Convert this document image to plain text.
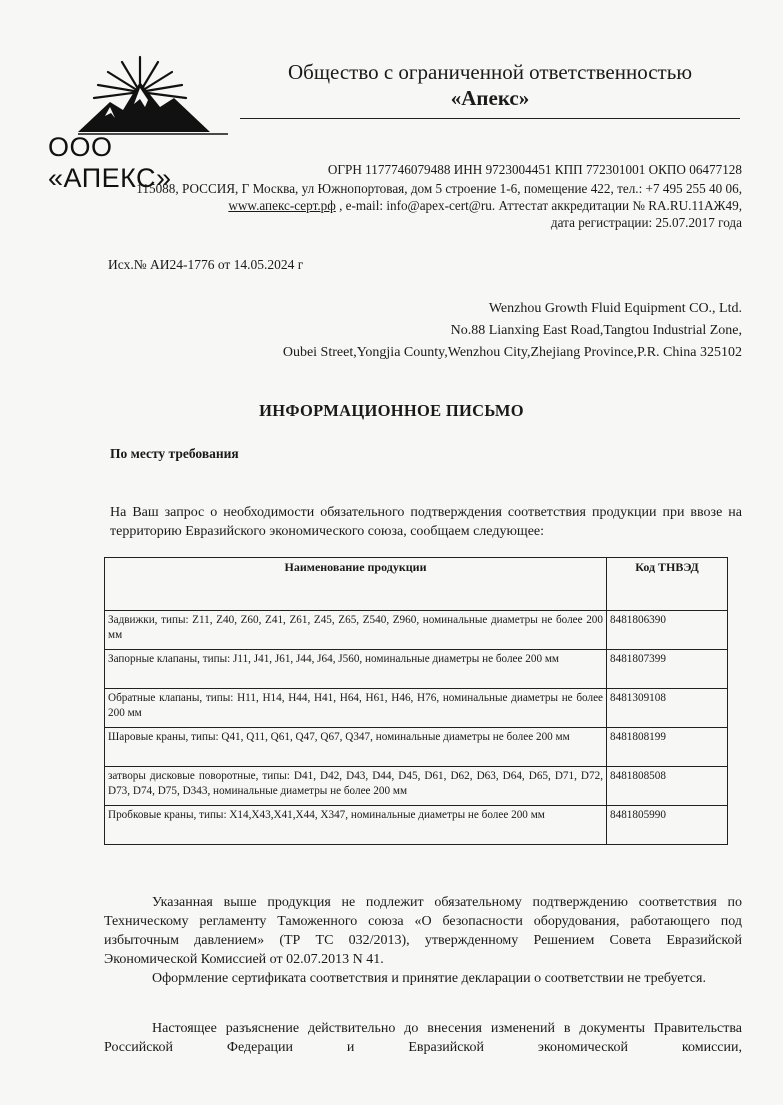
ООО «АПЕКС»
Общество с ограниченной ответственностью
«Апекс»
ОГРН 1177746079488 ИНН 9723004451 КПП 772301001 ОКПО 06477128
115088, РОССИЯ, Г Москва, ул Южнопортовая, дом 5 строение 1-6, помещение 422, тел.: +7 495 255 40 06, www.апекс-серт.рф , e-mail: info@apex-cert@ru. Аттестат аккредитации № RA.RU.11АЖ49,
дата регистрации: 25.07.2017 года
Исх.№ АИ24-1776 от 14.05.2024 г
Wenzhou Growth Fluid Equipment CO., Ltd.
No.88 Lianxing East Road,Tangtou Industrial Zone,
Oubei Street,Yongjia County,Wenzhou City,Zhejiang Province,P.R. China 325102
ИНФОРМАЦИОННОЕ ПИСЬМО
По месту требования
На Ваш запрос о необходимости обязательного подтверждения соответствия продукции при ввозе на территорию Евразийского экономического союза, сообщаем следующее:
Наименование продукции	Код ТНВЭД
Задвижки, типы: Z11, Z40, Z60, Z41, Z61, Z45, Z65, Z540, Z960, номинальные диаметры не более 200 мм	8481806390
Запорные клапаны, типы: J11, J41, J61, J44, J64, J560, номинальные диаметры не более 200 мм	8481807399
Обратные клапаны, типы: H11, H14, H44, H41, H64, H61, H46, H76, номинальные диаметры не более 200 мм	8481309108
Шаровые краны, типы: Q41, Q11, Q61, Q47, Q67, Q347, номинальные диаметры не более 200 мм	8481808199
затворы дисковые поворотные, типы: D41, D42, D43, D44, D45, D61, D62, D63, D64, D65, D71, D72, D73, D74, D75, D343, номинальные диаметры не более 200 мм	8481808508
Пробковые краны, типы: X14,X43,X41,X44, X347, номинальные диаметры не более 200 мм	8481805990
Указанная выше продукция не подлежит обязательному подтверждению соответствия по Техническому регламенту Таможенного союза «О безопасности оборудования, работающего под избыточным давлением» (ТР ТС 032/2013), утвержденному Решением Совета Евразийской Экономической Комиссией от 02.07.2013 N 41.
Оформление сертификата соответствия и принятие декларации о соответствии не требуется.
Настоящее разъяснение действительно до внесения изменений в документы Правительства Российской Федерации и Евразийской экономической комиссии,
